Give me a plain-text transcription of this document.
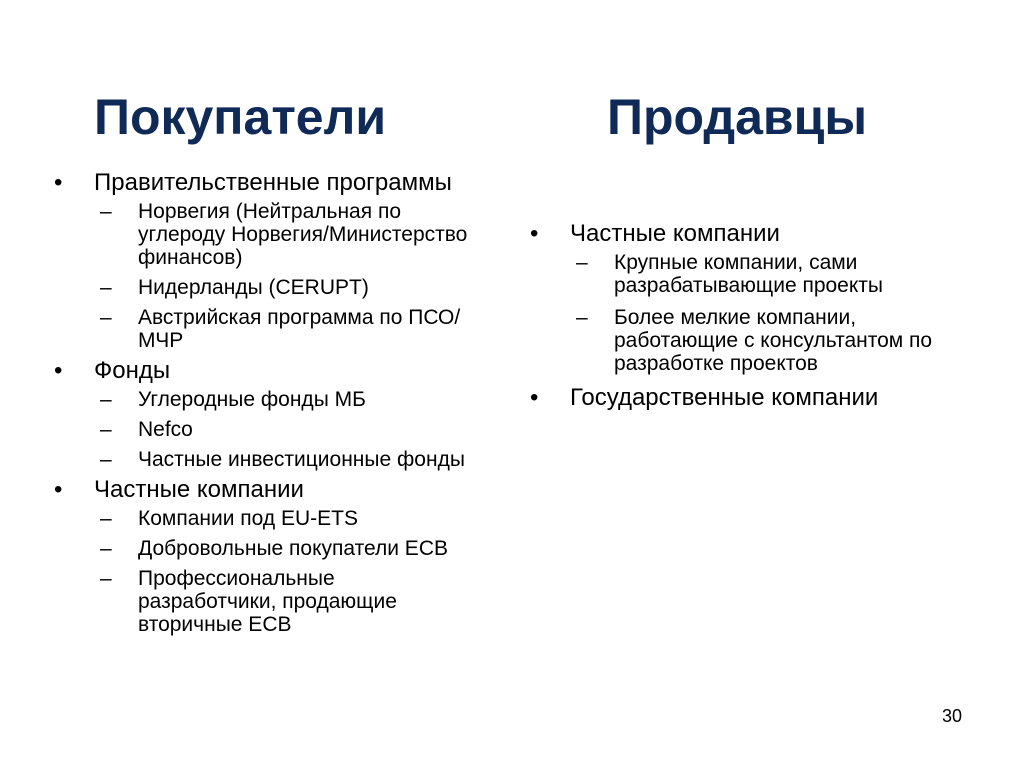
Покупатели	Продавцы
• Правительственные программы
– Норвегия (Нейтральная по углероду Норвегия/Министерство финансов)
– Нидерланды (CERUPT)
– Австрийская программа по ПСО/МЧР
• Фонды
– Углеродные фонды МБ
– Nefco
– Частные инвестиционные фонды
• Частные компании
– Компании под EU-ETS
– Добровольные покупатели ЕСВ
– Профессиональные разработчики, продающие вторичные ЕСВ
• Частные компании
– Крупные компании, сами разрабатывающие проекты
– Более мелкие компании, работающие с консультантом по разработке проектов
• Государственные компании
30
